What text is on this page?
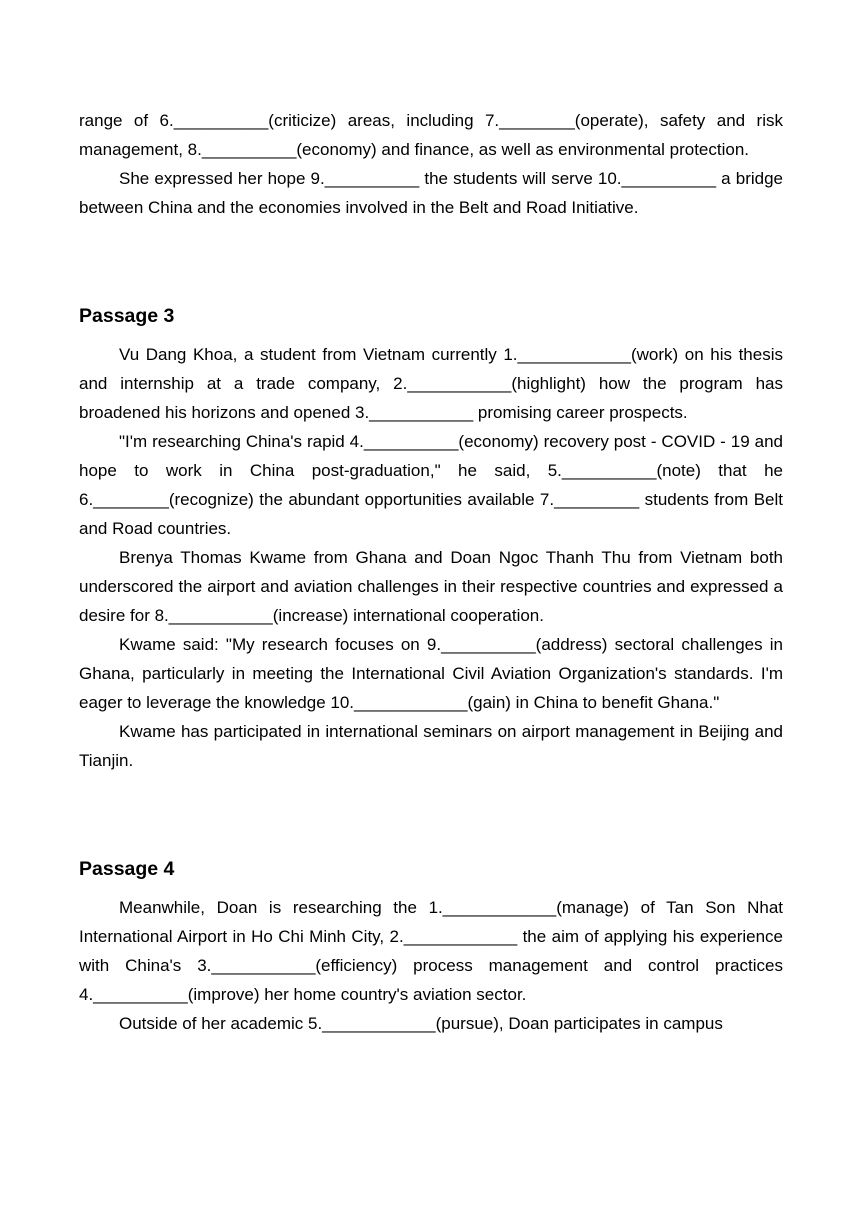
range of 6.__________(criticize) areas, including 7.________(operate), safety and risk management, 8.__________(economy) and finance, as well as environmental protection.

She expressed her hope 9.__________ the students will serve 10.__________ a bridge between China and the economies involved in the Belt and Road Initiative.

Passage 3

Vu Dang Khoa, a student from Vietnam currently 1.____________(work) on his thesis and internship at a trade company, 2.___________(highlight) how the program has broadened his horizons and opened 3.___________ promising career prospects.

"I'm researching China's rapid 4.__________(economy) recovery post - COVID - 19 and hope to work in China post-graduation," he said, 5.__________(note) that he 6.________(recognize) the abundant opportunities available 7._________ students from Belt and Road countries.

Brenya Thomas Kwame from Ghana and Doan Ngoc Thanh Thu from Vietnam both underscored the airport and aviation challenges in their respective countries and expressed a desire for 8.___________(increase) international cooperation.

Kwame said: "My research focuses on 9.__________(address) sectoral challenges in Ghana, particularly in meeting the International Civil Aviation Organization's standards. I'm eager to leverage the knowledge 10.____________(gain) in China to benefit Ghana."

Kwame has participated in international seminars on airport management in Beijing and Tianjin.

Passage 4

Meanwhile, Doan is researching the 1.____________(manage) of Tan Son Nhat International Airport in Ho Chi Minh City, 2.____________ the aim of applying his experience with China's 3.___________(efficiency) process management and control practices 4.__________(improve) her home country's aviation sector.

Outside of her academic 5.____________(pursue), Doan participates in campus
